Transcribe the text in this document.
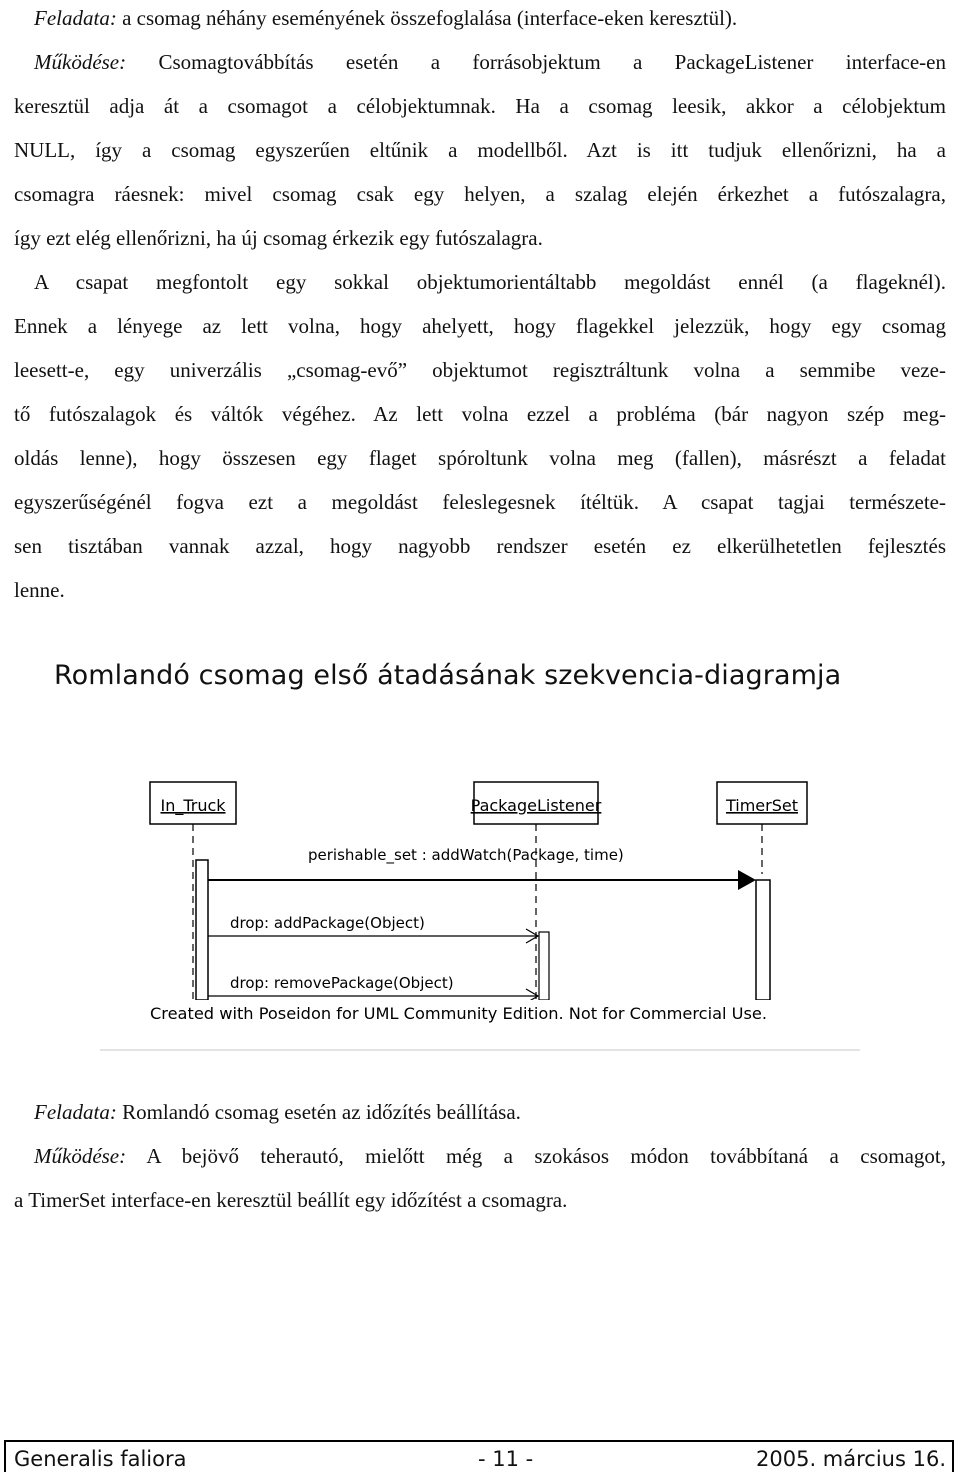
Feladata: a csomag néhány eseményének összefoglalása (interface-eken keresztül).
Működése: Csomagtovábbítás esetén a forrásobjektum a PackageListener interface-en
keresztül adja át a csomagot a célobjektumnak. Ha a csomag leesik, akkor a célobjektum
NULL, így a csomag egyszerűen eltűnik a modellből. Azt is itt tudjuk ellenőrizni, ha a
csomagra ráesnek: mivel csomag csak egy helyen, a szalag elején érkezhet a futószalagra,
így ezt elég ellenőrizni, ha új csomag érkezik egy futószalagra.
A csapat megfontolt egy sokkal objektumorientáltabb megoldást ennél (a flageknél).
Ennek a lényege az lett volna, hogy ahelyett, hogy flagekkel jelezzük, hogy egy csomag
leesett-e, egy univerzális „csomag-evő” objektumot regisztráltunk volna a semmibe veze-
tő futószalagok és váltók végéhez. Az lett volna ezzel a probléma (bár nagyon szép meg-
oldás lenne), hogy összesen egy flaget spóroltunk volna meg (fallen), másrészt a feladat
egyszerűségénél fogva ezt a megoldást feleslegesnek ítéltük. A csapat tagjai természete-
sen tisztában vannak azzal, hogy nagyobb rendszer esetén ez elkerülhetetlen fejlesztés
lenne.
Romlandó csomag első átadásának szekvencia-diagramja
In_Truck	PackageListener	TimerSet
perishable_set : addWatch(Package, time)
drop: addPackage(Object)
drop: removePackage(Object)
Created with Poseidon for UML Community Edition. Not for Commercial Use.
Feladata: Romlandó csomag esetén az időzítés beállítása.
Működése: A bejövő teherautó, mielőtt még a szokásos módon továbbítaná a csomagot,
a TimerSet interface-en keresztül beállít egy időzítést a csomagra.
Generalis faliora	- 11 -	2005. március 16.
